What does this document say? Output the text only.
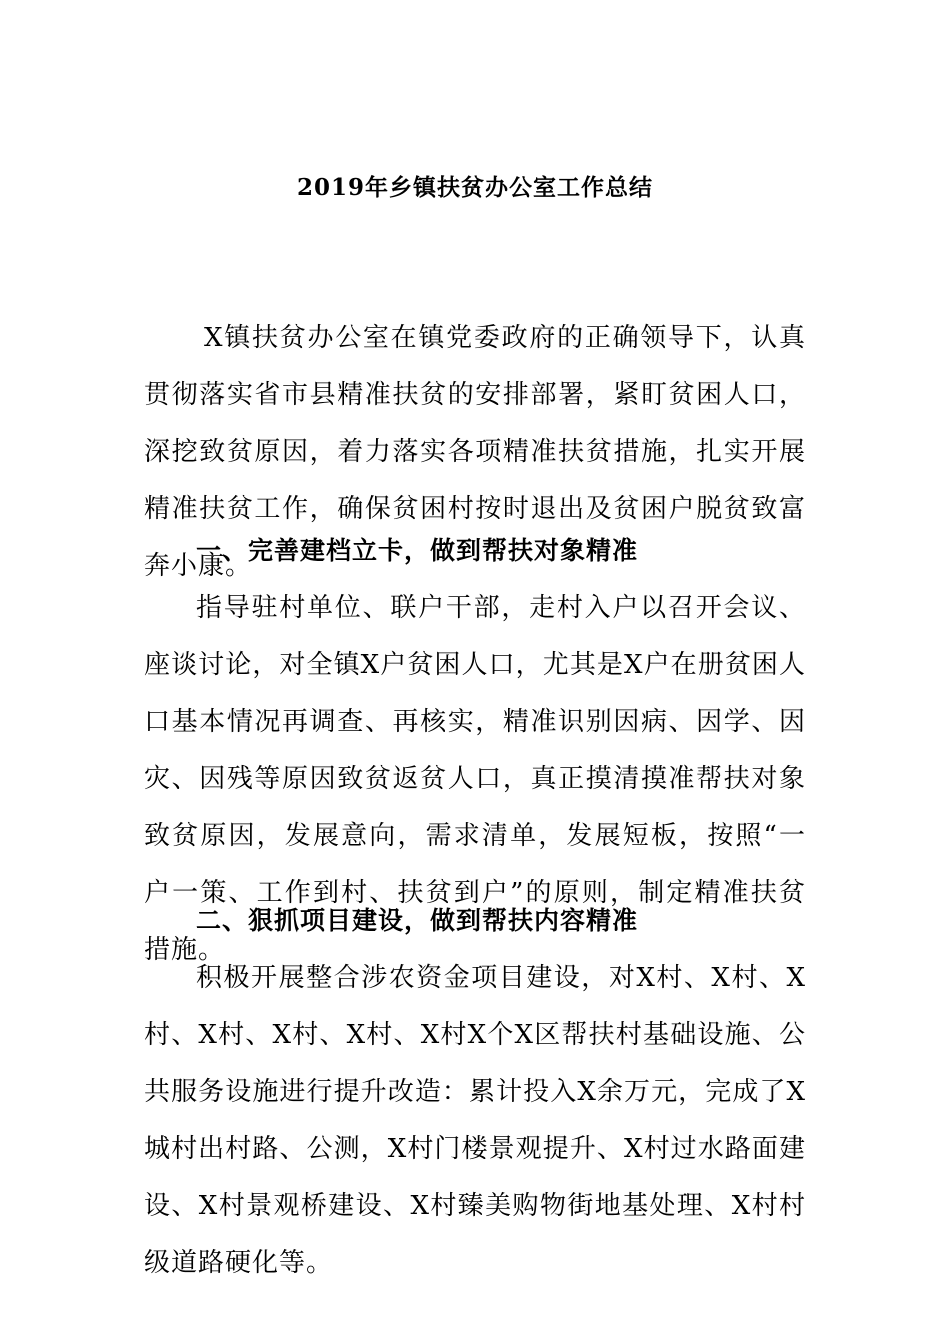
2019年乡镇扶贫办公室工作总结

X镇扶贫办公室在镇党委政府的正确领导下，认真贯彻落实省市县精准扶贫的安排部署，紧盯贫困人口，深挖致贫原因，着力落实各项精准扶贫措施，扎实开展精准扶贫工作，确保贫困村按时退出及贫困户脱贫致富奔小康。

一、完善建档立卡，做到帮扶对象精准

指导驻村单位、联户干部，走村入户以召开会议、座谈讨论，对全镇X户贫困人口，尤其是X户在册贫困人口基本情况再调查、再核实，精准识别因病、因学、因灾、因残等原因致贫返贫人口，真正摸清摸准帮扶对象致贫原因，发展意向，需求清单，发展短板，按照“一户一策、工作到村、扶贫到户”的原则，制定精准扶贫措施。

二、狠抓项目建设，做到帮扶内容精准

积极开展整合涉农资金项目建设，对X村、X村、X村、X村、X村、X村、X村X个X区帮扶村基础设施、公共服务设施进行提升改造：累计投入X余万元，完成了X城村出村路、公测，X村门楼景观提升、X村过水路面建设、X村景观桥建设、X村臻美购物街地基处理、X村村级道路硬化等。
